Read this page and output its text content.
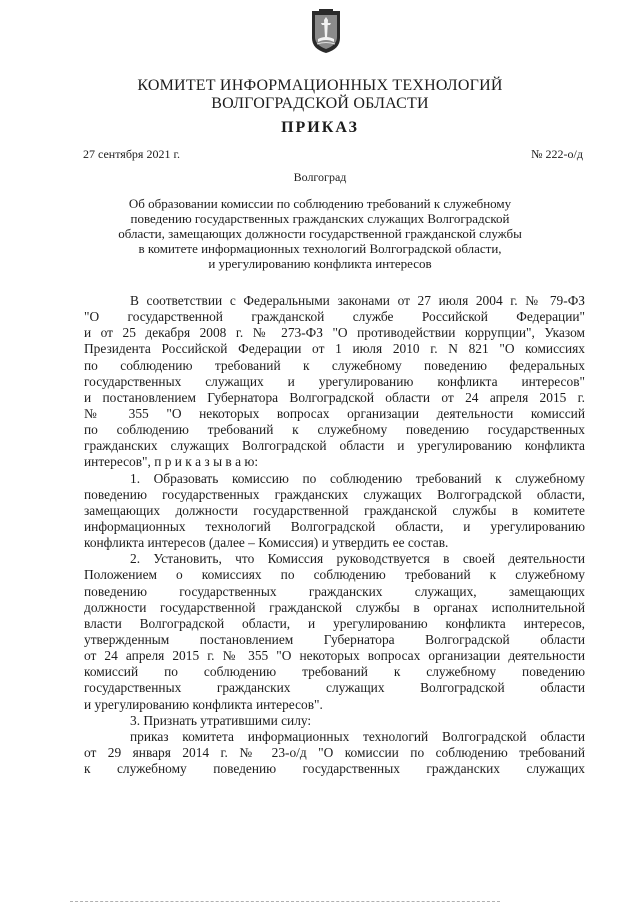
КОМИТЕТ ИНФОРМАЦИОННЫХ ТЕХНОЛОГИЙ
ВОЛГОГРАДСКОЙ ОБЛАСТИ
ПРИКАЗ
27 сентября 2021 г.	№ 222-о/д
Волгоград
Об образовании комиссии по соблюдению требований к служебному
поведению государственных гражданских служащих Волгоградской
области, замещающих должности государственной гражданской службы
в комитете информационных технологий Волгоградской области,
и урегулированию конфликта интересов
В соответствии с Федеральными законами от 27 июля 2004 г. № 79-ФЗ
"О государственной гражданской службе Российской Федерации"
и от 25 декабря 2008 г. № 273-ФЗ "О противодействии коррупции", Указом
Президента Российской Федерации от 1 июля 2010 г. N 821 "О комиссиях
по соблюдению требований к служебному поведению федеральных
государственных служащих и урегулированию конфликта интересов"
и постановлением Губернатора Волгоградской области от 24 апреля 2015 г.
№ 355 "О некоторых вопросах организации деятельности комиссий
по соблюдению требований к служебному поведению государственных
гражданских служащих Волгоградской области и урегулированию конфликта
интересов", п р и к а з ы в а ю:
1. Образовать комиссию по соблюдению требований к служебному
поведению государственных гражданских служащих Волгоградской области,
замещающих должности государственной гражданской службы в комитете
информационных технологий Волгоградской области, и урегулированию
конфликта интересов (далее – Комиссия) и утвердить ее состав.
2. Установить, что Комиссия руководствуется в своей деятельности
Положением о комиссиях по соблюдению требований к служебному
поведению государственных гражданских служащих, замещающих
должности государственной гражданской службы в органах исполнительной
власти Волгоградской области, и урегулированию конфликта интересов,
утвержденным постановлением Губернатора Волгоградской области
от 24 апреля 2015 г. № 355 "О некоторых вопросах организации деятельности
комиссий по соблюдению требований к служебному поведению
государственных гражданских служащих Волгоградской области
и урегулированию конфликта интересов".
3. Признать утратившими силу:
приказ комитета информационных технологий Волгоградской области
от 29 января 2014 г. № 23-о/д "О комиссии по соблюдению требований
к служебному поведению государственных гражданских служащих
